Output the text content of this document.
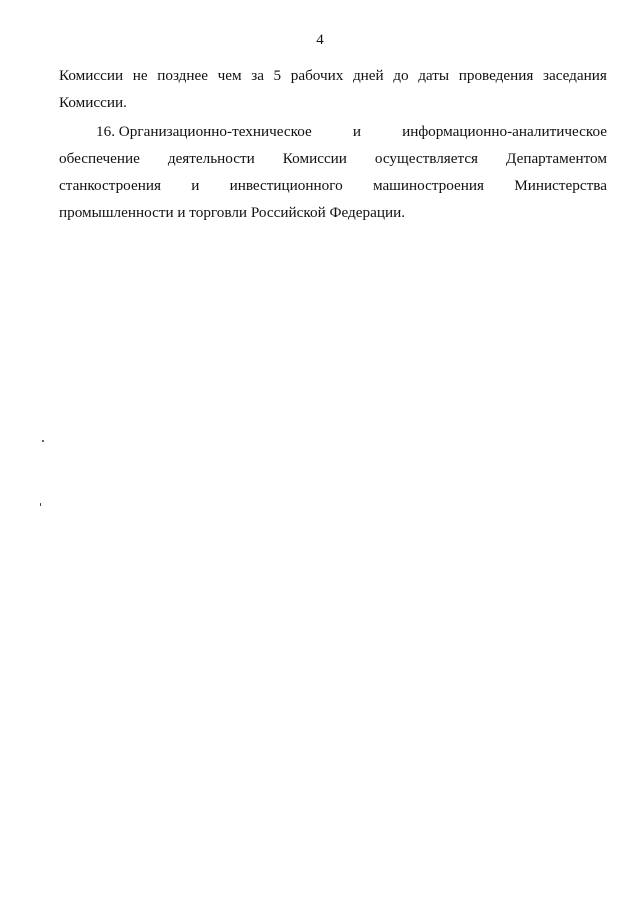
4
Комиссии не позднее чем за 5 рабочих дней до даты проведения заседания
Комиссии.
16. Организационно-техническое	и	информационно-аналитическое
обеспечение деятельности Комиссии осуществляется Департаментом
станкостроения и инвестиционного машиностроения Министерства
промышленности и торговли Российской Федерации.
